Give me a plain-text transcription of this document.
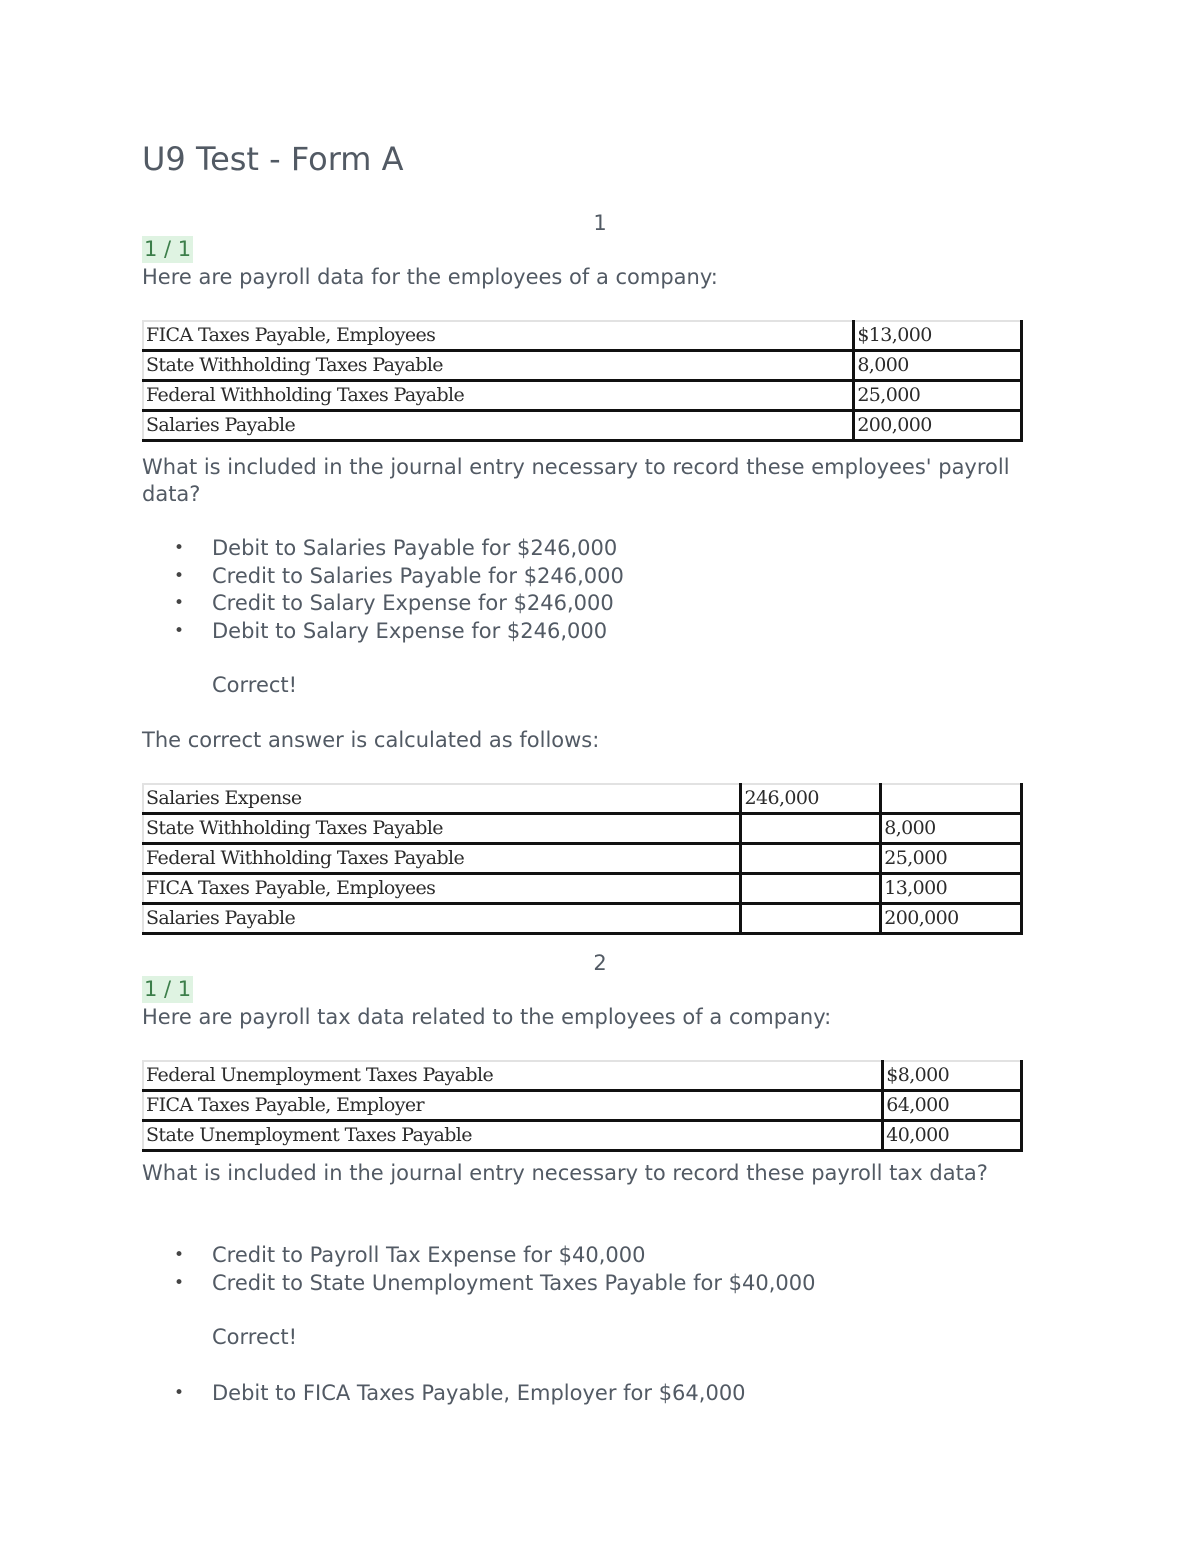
U9 Test - Form A
1
1 / 1
Here are payroll data for the employees of a company:
FICA Taxes Payable, Employees	$13,000
State Withholding Taxes Payable	8,000
Federal Withholding Taxes Payable	25,000
Salaries Payable	200,000
What is included in the journal entry necessary to record these employees' payroll data?
• Debit to Salaries Payable for $246,000
• Credit to Salaries Payable for $246,000
• Credit to Salary Expense for $246,000
• Debit to Salary Expense for $246,000
Correct!
The correct answer is calculated as follows:
Salaries Expense	246,000	
State Withholding Taxes Payable		8,000
Federal Withholding Taxes Payable		25,000
FICA Taxes Payable, Employees		13,000
Salaries Payable		200,000
2
1 / 1
Here are payroll tax data related to the employees of a company:
Federal Unemployment Taxes Payable	$8,000
FICA Taxes Payable, Employer	64,000
State Unemployment Taxes Payable	40,000
What is included in the journal entry necessary to record these payroll tax data?
• Credit to Payroll Tax Expense for $40,000
• Credit to State Unemployment Taxes Payable for $40,000
Correct!
• Debit to FICA Taxes Payable, Employer for $64,000
